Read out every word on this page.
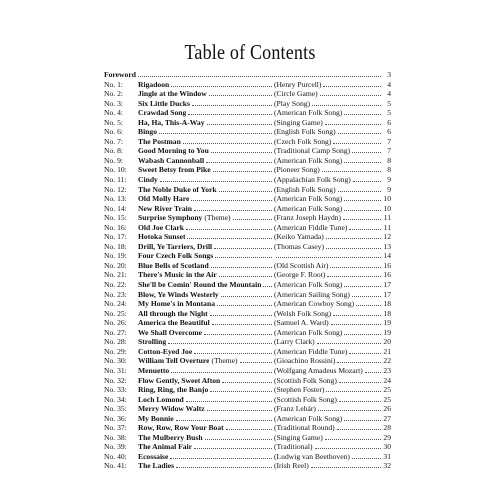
Table of Contents
Foreword	3
No. 1:	Rigadoon	(Henry Purcell)	4
No. 2:	Jingle at the Window	(Circle Game)	4
No. 3:	Six Little Ducks	(Play Song)	5
No. 4:	Crawdad Song	(American Folk Song)	5
No. 5:	Ha, Ha, This-A-Way	(Singing Game)	6
No. 6:	Bingo	(English Folk Song)	6
No. 7:	The Postman	(Czech Folk Song)	7
No. 8:	Good Morning to You	(Traditional Camp Song)	7
No. 9:	Wabash Cannonball	(American Folk Song)	8
No. 10:	Sweet Betsy from Pike	(Pioneer Song)	8
No. 11:	Cindy	(Appalachian Folk Song)	9
No. 12:	The Noble Duke of York	(English Folk Song)	9
No. 13:	Old Molly Hare	(American Folk Song)	10
No. 14:	New River Train	(American Folk Song)	10
No. 15:	Surprise Symphony (Theme)	(Franz Joseph Haydn)	11
No. 16:	Old Joe Clark	(American Fiddle Tune)	11
No. 17:	Hotoka Sunset	(Keiko Yamada)	12
No. 18:	Drill, Ye Tarriers, Drill	(Thomas Casey)	13
No. 19:	Four Czech Folk Songs	14
No. 20:	Blue Bells of Scotland	(Old Scottish Air)	16
No. 21:	There's Music in the Air	(George F. Root)	16
No. 22:	She'll be Comin' Round the Mountain (American Folk Song)	17
No. 23:	Blow, Ye Winds Westerly	(American Sailing Song)	17
No. 24:	My Home's in Montana	(American Cowboy Song)	18
No. 25:	All through the Night	(Welsh Folk Song)	18
No. 26:	America the Beautiful	(Samuel A. Ward)	19
No. 27:	We Shall Overcome	(American Folk Song)	19
No. 28:	Strolling	(Larry Clark)	20
No. 29:	Cotton-Eyed Joe	(American Fiddle Tune)	21
No. 30:	William Tell Overture (Theme)	(Gioachino Rossini)	22
No. 31:	Menuetto	(Wolfgang Amadeus Mozart)	23
No. 32:	Flow Gently, Sweet Afton	(Scottish Folk Song)	24
No. 33:	Ring, Ring, the Banjo	(Stephen Foster)	25
No. 34:	Loch Lomond	(Scottish Folk Song)	25
No. 35:	Merry Widow Waltz	(Franz Lehár)	26
No. 36:	My Bonnie	(American Folk Song)	27
No. 37:	Row, Row, Row Your Boat	(Traditional Round)	28
No. 38:	The Mulberry Bush	(Singing Game)	29
No. 39:	The Animal Fair	(Traditional)	30
No. 40:	Ecossaise	(Ludwig van Beethoven)	31
No. 41:	The Ladies	(Irish Reel)	32
